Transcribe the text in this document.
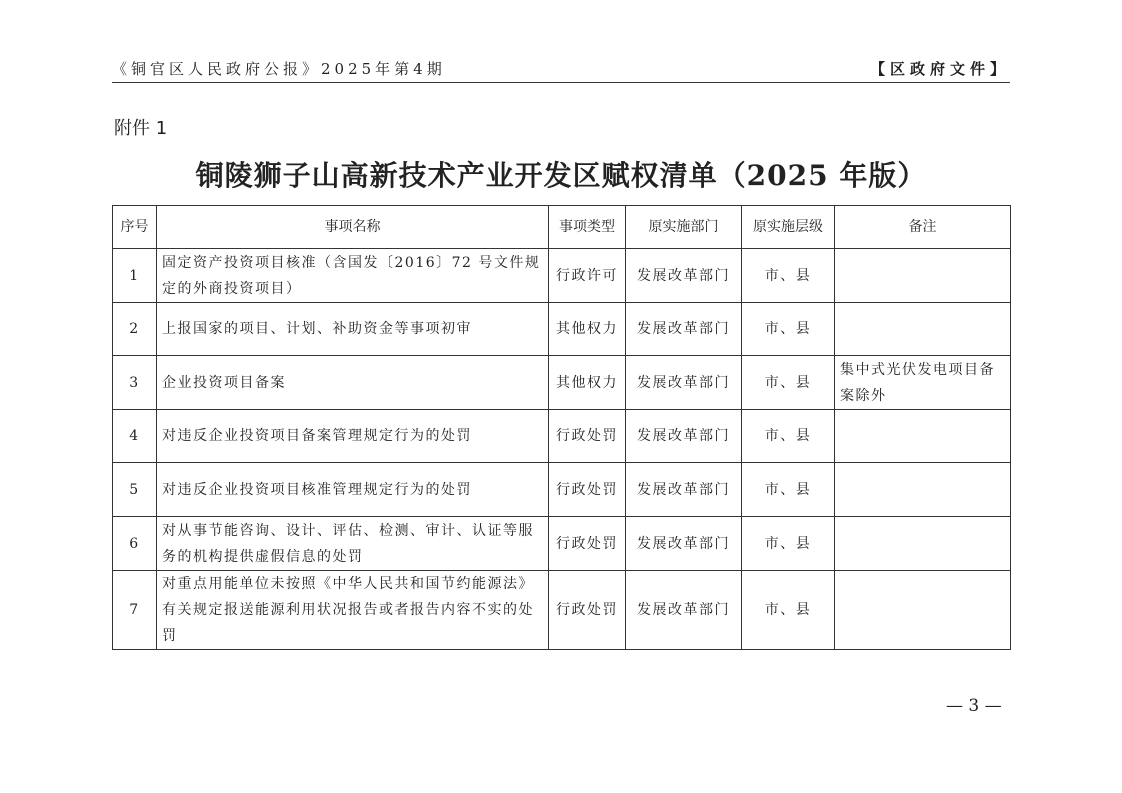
《铜官区人民政府公报》2025年第4期	【区政府文件】
附件 1
铜陵狮子山高新技术产业开发区赋权清单（2025 年版）
序号	事项名称	事项类型	原实施部门	原实施层级	备注
1	固定资产投资项目核准（含国发〔2016〕72 号文件规定的外商投资项目）	行政许可	发展改革部门	市、县	
2	上报国家的项目、计划、补助资金等事项初审	其他权力	发展改革部门	市、县	
3	企业投资项目备案	其他权力	发展改革部门	市、县	集中式光伏发电项目备案除外
4	对违反企业投资项目备案管理规定行为的处罚	行政处罚	发展改革部门	市、县	
5	对违反企业投资项目核准管理规定行为的处罚	行政处罚	发展改革部门	市、县	
6	对从事节能咨询、设计、评估、检测、审计、认证等服务的机构提供虚假信息的处罚	行政处罚	发展改革部门	市、县	
7	对重点用能单位未按照《中华人民共和国节约能源法》有关规定报送能源利用状况报告或者报告内容不实的处罚	行政处罚	发展改革部门	市、县	
— 3 —
